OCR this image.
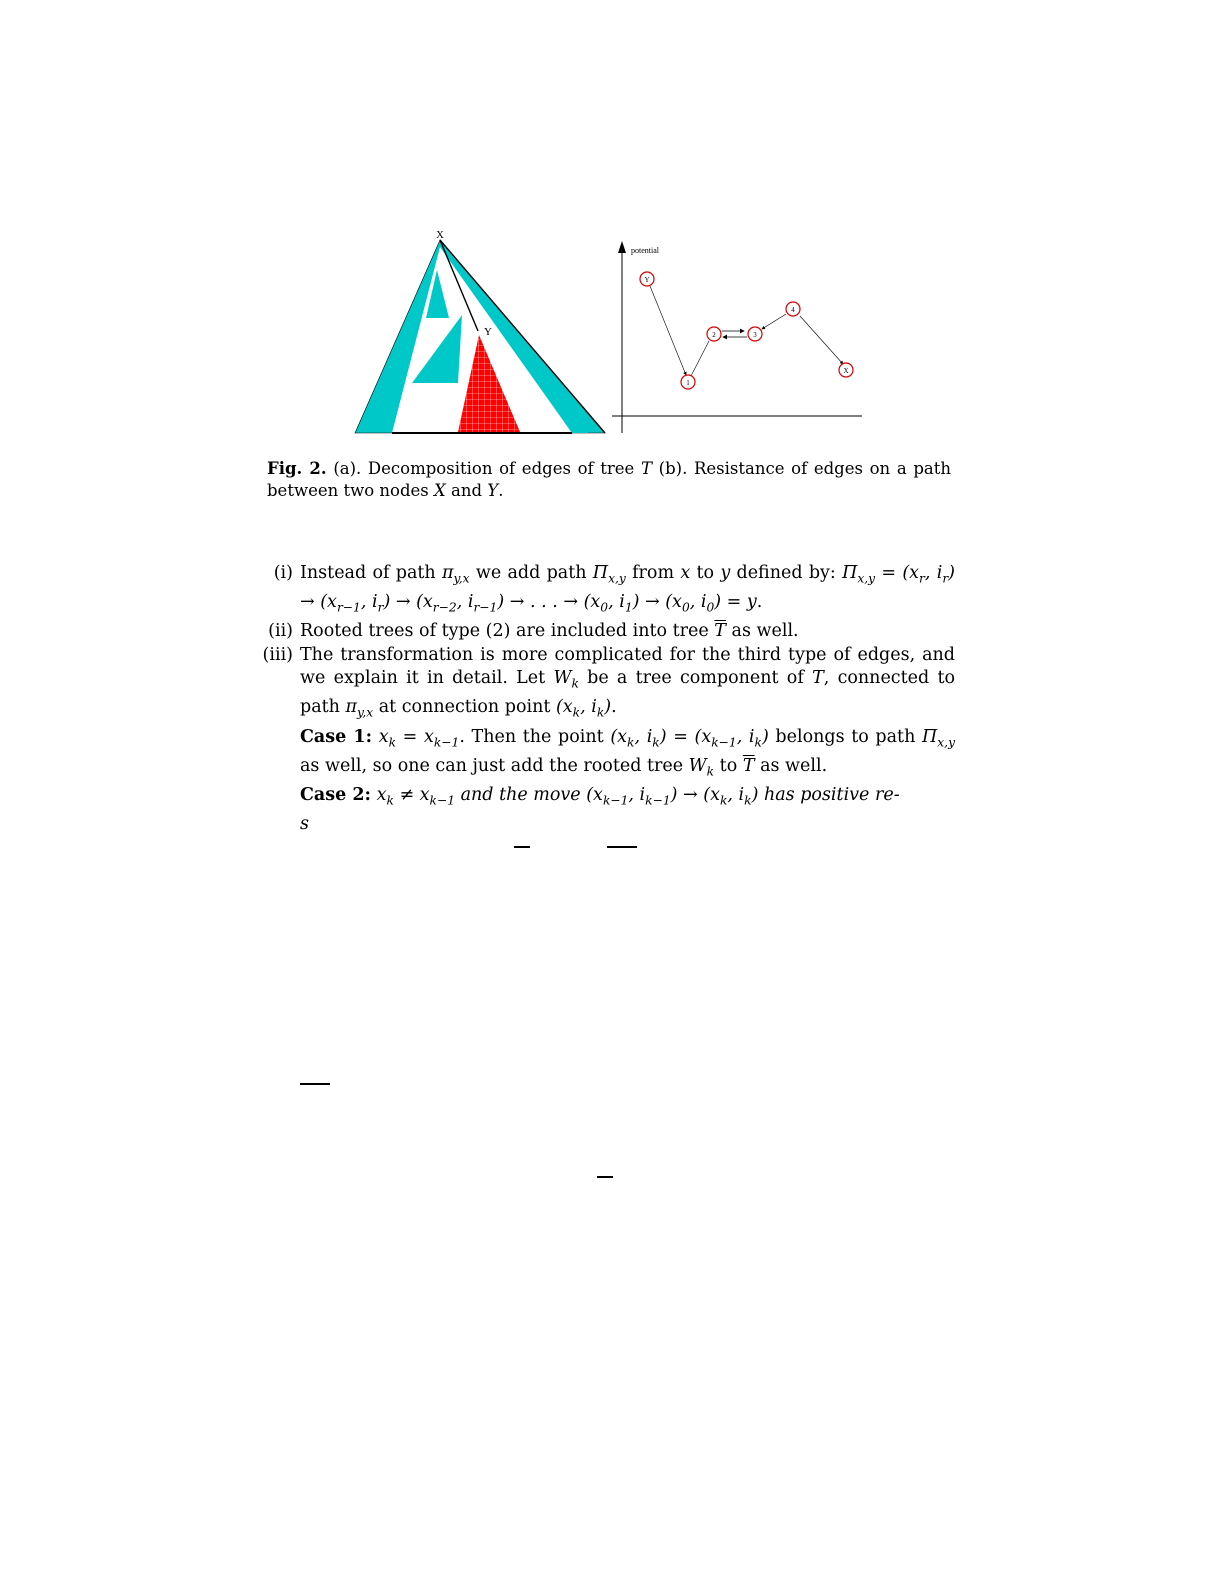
X
Y
potential
Y
1
2	3
4
X
Fig. 2. (a). Decomposition of edges of tree T (b). Resistance of edges on a path between two nodes X and Y.
(i) Instead of path $\pi_{y,x}$ we add path $\Pi_{x,y}$ from x to y defined by: $\Pi_{x,y} = (x_r$, $i_r) \to (x_{r-1}$, $i_r) \to (x_{r-2}$, $i_{r-1}$) → . . . → ($x_0$, $i_1) \to (x_0$, $i_0) = y$.
(ii) Rooted trees of type (2) are included into tree $\overline{T}$ as well.
(iii) The transformation is more complicated for the third type of edges, and we explain it in detail. Let $W_k$ be a tree component of T, connected to path $\pi_{y,x}$ at connection point ($x_k$, $i_k$).
Case 1: $x_k = x_{k-1}$. Then the point ($x_k$, $i_k) = (x_{k-1}$, $i_k$) belongs to path $\Pi_{x,y}$ as well, so one can just add the rooted tree $W_k$ to $\overline{T}$ as well.
Case 2: $x_k \ne x_{k-1}$ and the move ($x_{k-1}$, $i_{k-1}) \to (x_k$, $i_k$) has positive re-
s
